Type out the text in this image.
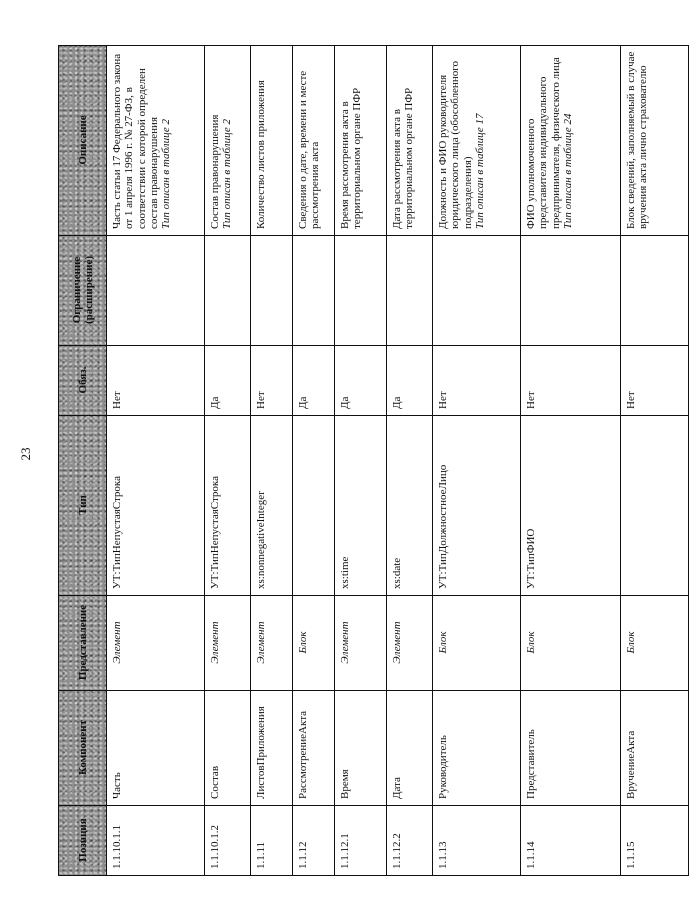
23
Позиция	Компонент	Представление	Тип	Обяз.	Ограничение (расширение)	Описание
1.1.10.1.1	Часть	Элемент	УТ:ТипНепустаяСтрока	Нет		Часть статьи 17 Федерального закона от 1 апреля 1996 г. № 27-ФЗ, в соответствии с которой определен состав правонарушения Тип описан в таблице 2

1.1.10.1.2	Состав	Элемент	УТ:ТипНепустаяСтрока	Да		Состав правонарушения Тип описан в таблице 2

1.1.11	ЛистовПриложения	Элемент	xs:nonnegativeInteger	Нет		Количество листов приложения

1.1.12	РассмотрениеАкта	Блок		Да		Сведения о дате, времени и месте рассмотрения акта

1.1.12.1	Время	Элемент	xs:time	Да		Время рассмотрения акта в территориальном органе ПФР

1.1.12.2	Дата	Элемент	xs:date	Да		Дата рассмотрения акта в территориальном органе ПФР

1.1.13	Руководитель	Блок	УТ:ТипДолжностноеЛицо	Нет		Должность и ФИО руководителя юридического лица (обособленного подразделения) Тип описан в таблице 17

1.1.14	Представитель	Блок	УТ:ТипФИО	Нет		ФИО уполномоченного представителя индивидуального предпринимателя, физического лица Тип описан в таблице 24

1.1.15	ВручениеАкта	Блок		Нет		Блок сведений, заполняемый в случае вручения акта лично страхователю
